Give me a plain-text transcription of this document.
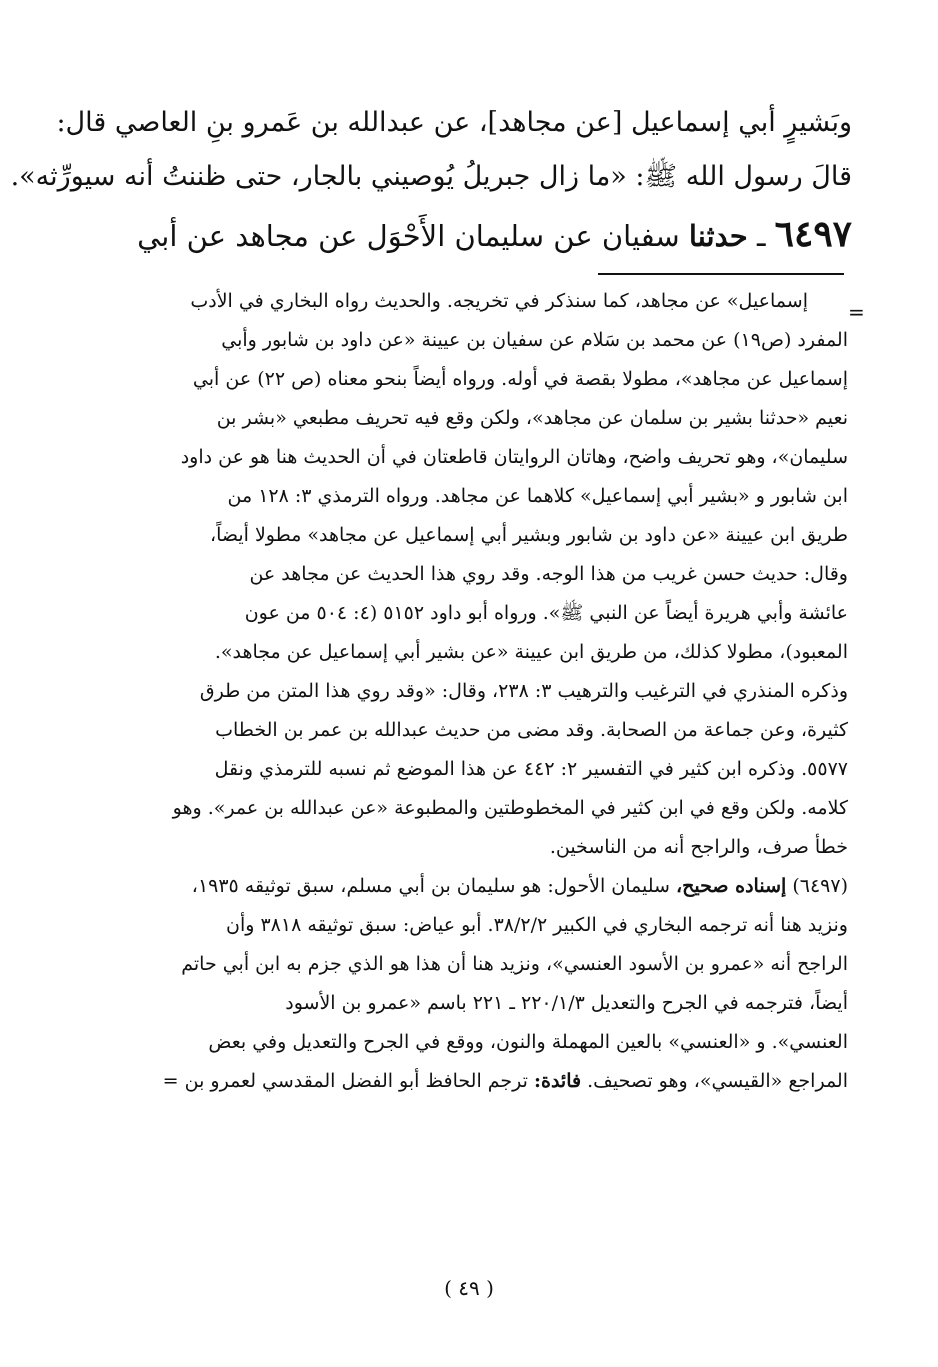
وبَشيرٍ أبي إسماعيل [عن مجاهد]، عن عبدالله بن عَمرو بنِ العاصي قال:
قالَ رسول الله ﷺ: «ما زال جبريلُ يُوصيني بالجار، حتى ظننتُ أنه سيورِّثه».
٦٤٩٧ ـ حدثنا سفيان عن سليمان الأَحْوَل عن مجاهد عن أبي
=
إسماعيل» عن مجاهد، كما سنذكر في تخريجه. والحديث رواه البخاري في الأدب
المفرد (ص١٩) عن محمد بن سَلام عن سفيان بن عيينة «عن داود بن شابور وأبي
إسماعيل عن مجاهد»، مطولا بقصة في أوله. ورواه أيضاً بنحو معناه (ص ٢٢) عن أبي
نعيم «حدثنا بشير بن سلمان عن مجاهد»، ولكن وقع فيه تحريف مطبعي «بشر بن
سليمان»، وهو تحريف واضح، وهاتان الروايتان قاطعتان في أن الحديث هنا هو عن داود
ابن شابور و «بشير أبي إسماعيل» كلاهما عن مجاهد. ورواه الترمذي ٣: ١٢٨ من
طريق ابن عيينة «عن داود بن شابور وبشير أبي إسماعيل عن مجاهد» مطولا أيضاً،
وقال: حديث حسن غريب من هذا الوجه. وقد روي هذا الحديث عن مجاهد عن
عائشة وأبي هريرة أيضاً عن النبي ﷺ». ورواه أبو داود ٥١٥٢ (٤: ٥٠٤ من عون
المعبود)، مطولا كذلك، من طريق ابن عيينة «عن بشير أبي إسماعيل عن مجاهد».
وذكره المنذري في الترغيب والترهيب ٣: ٢٣٨، وقال: «وقد روي هذا المتن من طرق
كثيرة، وعن جماعة من الصحابة. وقد مضى من حديث عبدالله بن عمر بن الخطاب
٥٥٧٧. وذكره ابن كثير في التفسير ٢: ٤٤٢ عن هذا الموضع ثم نسبه للترمذي ونقل
كلامه. ولكن وقع في ابن كثير في المخطوطتين والمطبوعة «عن عبدالله بن عمر». وهو
خطأ صرف، والراجح أنه من الناسخين.
(٦٤٩٧) إسناده صحيح، سليمان الأحول: هو سليمان بن أبي مسلم، سبق توثيقه ١٩٣٥،
ونزيد هنا أنه ترجمه البخاري في الكبير ٣٨/٢/٢. أبو عياض: سبق توثيقه ٣٨١٨ وأن
الراجح أنه «عمرو بن الأسود العنسي»، ونزيد هنا أن هذا هو الذي جزم به ابن أبي حاتم
أيضاً، فترجمه في الجرح والتعديل ٢٢٠/١/٣ ـ ٢٢١ باسم «عمرو بن الأسود
العنسي». و «العنسي» بالعين المهملة والنون، ووقع في الجرح والتعديل وفي بعض
المراجع «القيسي»، وهو تصحيف. فائدة: ترجم الحافظ أبو الفضل المقدسي لعمرو بن =
( ٤٩ )
